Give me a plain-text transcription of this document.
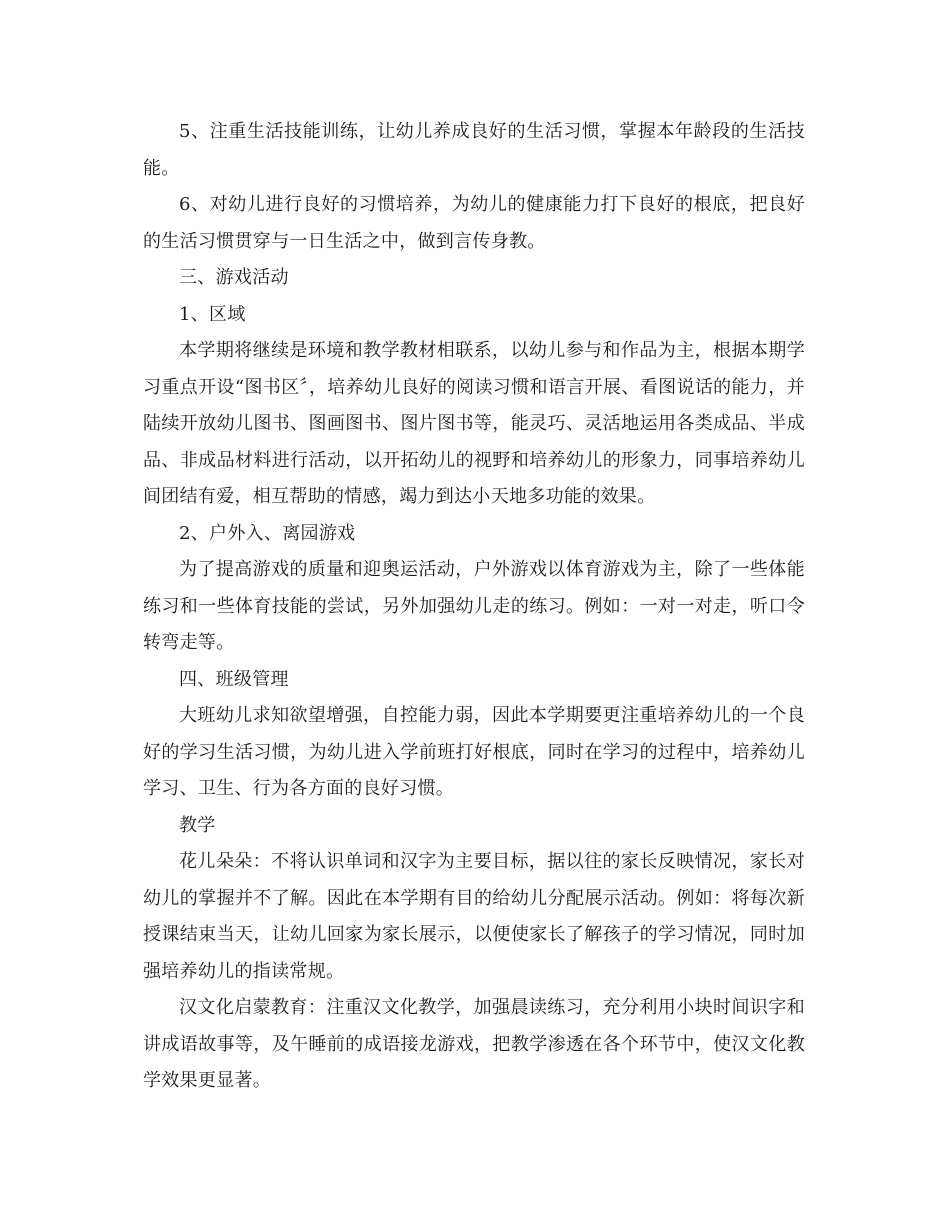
5、注重生活技能训练，让幼儿养成良好的生活习惯，掌握本年龄段的生活技能。

6、对幼儿进行良好的习惯培养，为幼儿的健康能力打下良好的根底，把良好的生活习惯贯穿与一日生活之中，做到言传身教。

三、游戏活动

1、区域

本学期将继续是环境和教学教材相联系，以幼儿参与和作品为主，根据本期学习重点开设“图书区〞，培养幼儿良好的阅读习惯和语言开展、看图说话的能力，并陆续开放幼儿图书、图画图书、图片图书等，能灵巧、灵活地运用各类成品、半成品、非成品材料进行活动，以开拓幼儿的视野和培养幼儿的形象力，同事培养幼儿间团结有爱，相互帮助的情感，竭力到达小天地多功能的效果。

2、户外入、离园游戏

为了提高游戏的质量和迎奥运活动，户外游戏以体育游戏为主，除了一些体能练习和一些体育技能的尝试，另外加强幼儿走的练习。例如：一对一对走，听口令转弯走等。

四、班级管理

大班幼儿求知欲望增强，自控能力弱，因此本学期要更注重培养幼儿的一个良好的学习生活习惯，为幼儿进入学前班打好根底，同时在学习的过程中，培养幼儿学习、卫生、行为各方面的良好习惯。

教学

花儿朵朵：不将认识单词和汉字为主要目标，据以往的家长反映情况，家长对幼儿的掌握并不了解。因此在本学期有目的给幼儿分配展示活动。例如：将每次新授课结束当天，让幼儿回家为家长展示，以便使家长了解孩子的学习情况，同时加强培养幼儿的指读常规。

汉文化启蒙教育：注重汉文化教学，加强晨读练习，充分利用小块时间识字和讲成语故事等，及午睡前的成语接龙游戏，把教学渗透在各个环节中，使汉文化教学效果更显著。
